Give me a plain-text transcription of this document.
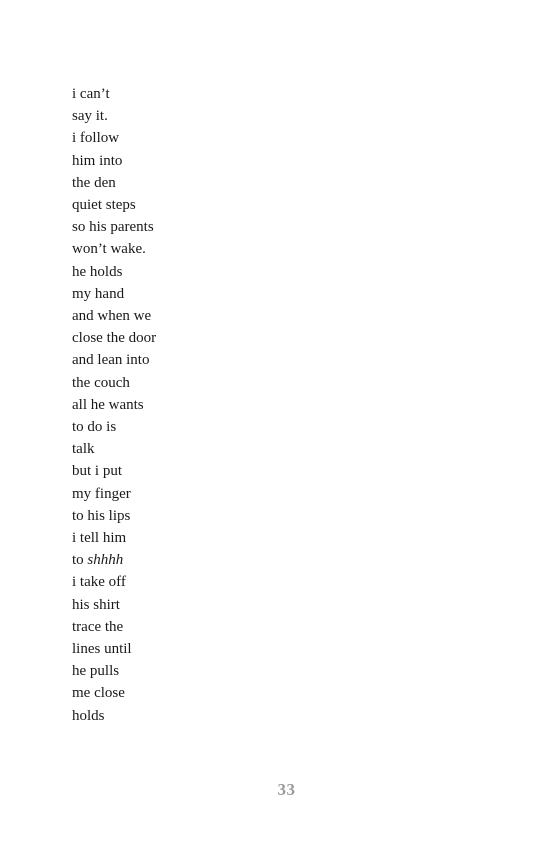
i can’t
say it.
i follow
him into
the den
quiet steps
so his parents
won’t wake.
he holds
my hand
and when we
close the door
and lean into
the couch
all he wants
to do is
talk
but i put
my finger
to his lips
i tell him
to shhhh
i take off
his shirt
trace the
lines until
he pulls
me close
holds
33
